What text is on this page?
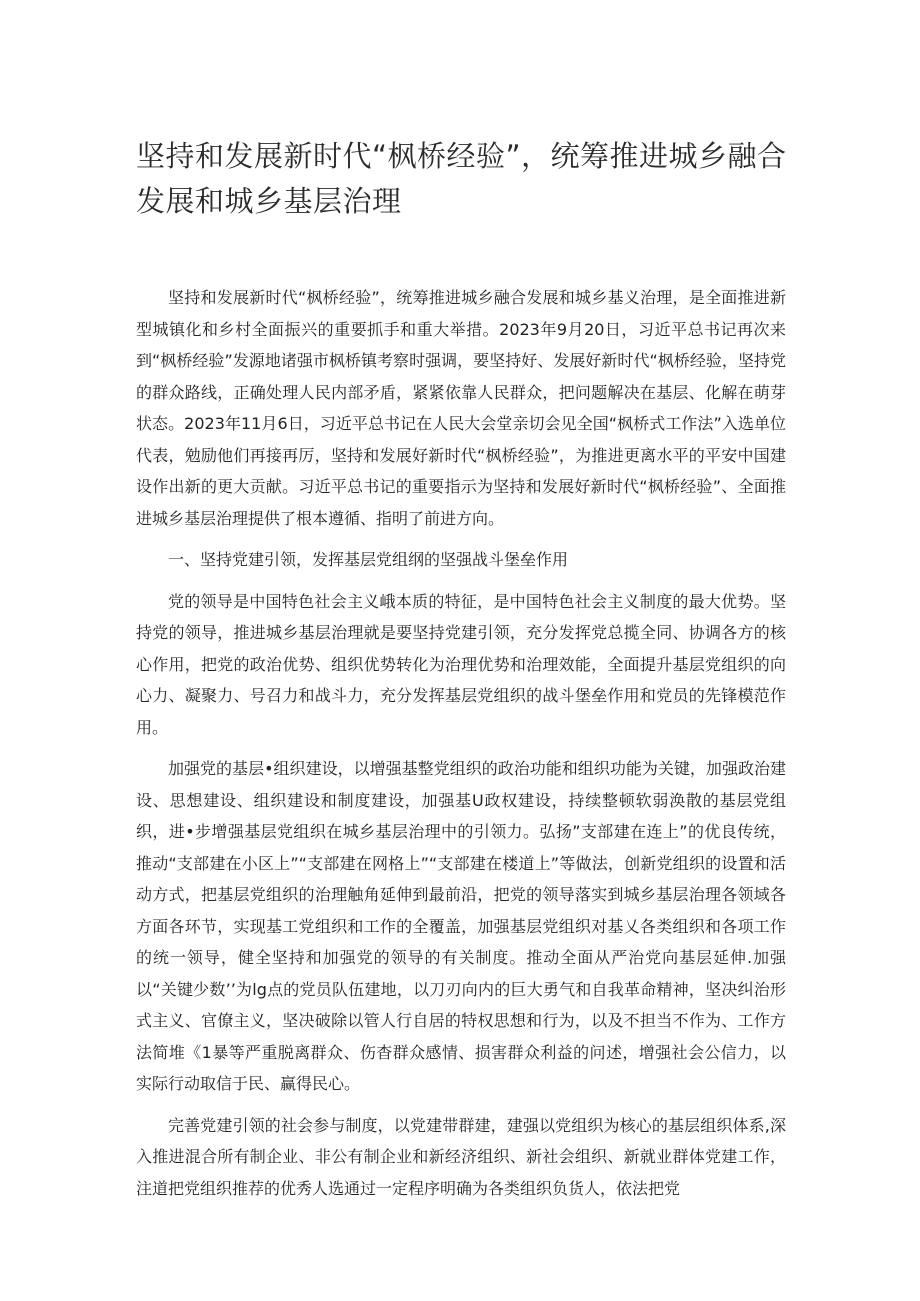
坚持和发展新时代“枫桥经验”，统筹推进城乡融合发展和城乡基层治理

坚持和发展新时代“枫桥经验”，统筹推进城乡融合发展和城乡基义治理，是全面推进新型城镇化和乡村全面振兴的重要抓手和重大举措。2023年9月20日，习近平总书记再次来到“枫桥经验”发源地诸强市枫桥镇考察时强调，要坚持好、发展好新时代“枫桥经验，坚持党的群众路线，正确处理人民内部矛盾，紧紧依靠人民群众，把问题解决在基层、化解在萌芽状态。2023年11月6日，习近平总书记在人民大会堂亲切会见全国“枫桥式工作法”入选单位代表，勉励他们再接再厉，坚持和发展好新时代“枫桥经验”，为推进更离水平的平安中国建设作出新的更大贡献。习近平总书记的重要指示为坚持和发展好新时代“枫桥经验”、全面推进城乡基层治理提供了根本遵循、指明了前进方向。

一、坚持党建引领，发挥基层党组纲的坚强战斗堡垒作用

党的领导是中国特色社会主义峨本质的特征，是中国特色社会主义制度的最大优势。坚持党的领导，推进城乡基层治理就是要坚持党建引领，充分发挥党总揽全同、协调各方的核心作用，把党的政治优势、组织优势转化为治理优势和治理效能，全面提升基层党组织的向心力、凝聚力、号召力和战斗力，充分发挥基层党组织的战斗堡垒作用和党员的先锋模范作用。

加强党的基层•组织建设，以增强基整党组织的政治功能和组织功能为关键，加强政治建设、思想建设、组织建设和制度建设，加强基U政权建设，持续整顿软弱涣散的基层党组织，进•步增强基层党组织在城乡基层治理中的引领力。弘扬”支部建在连上”的优良传统，推动“支部建在小区上”“支部建在网格上”“支部建在楼道上”等做法，创新党组织的设置和活动方式，把基层党组织的治理触角延伸到最前沿，把党的领导落实到城乡基层治理各领域各方面各环节，实现基工党组织和工作的全覆盖，加强基层党组织对基乂各类组织和各项工作的统一领导，健全坚持和加强党的领导的有关制度。推动全面从严治党向基层延伸.加强以“关键少数’’为lg点的党员队伍建地，以刀刃向内的巨大勇气和自我革命精神，坚决纠治形式主义、官僚主义，坚决破除以管人行自居的特权思想和行为，以及不担当不作为、工作方法简堆《1暴等严重脱离群众、伤杳群众感情、损害群众利益的问述，增强社会公信力，以实际行动取信于民、赢得民心。

完善党建引领的社会参与制度，以党建带群建，建强以党组织为核心的基层组织体系,深入推进混合所有制企业、非公有制企业和新经济组织、新社会组织、新就业群体党建工作，注道把党组织推荐的优秀人选通过一定程序明确为各类组织负货人，依法把党
